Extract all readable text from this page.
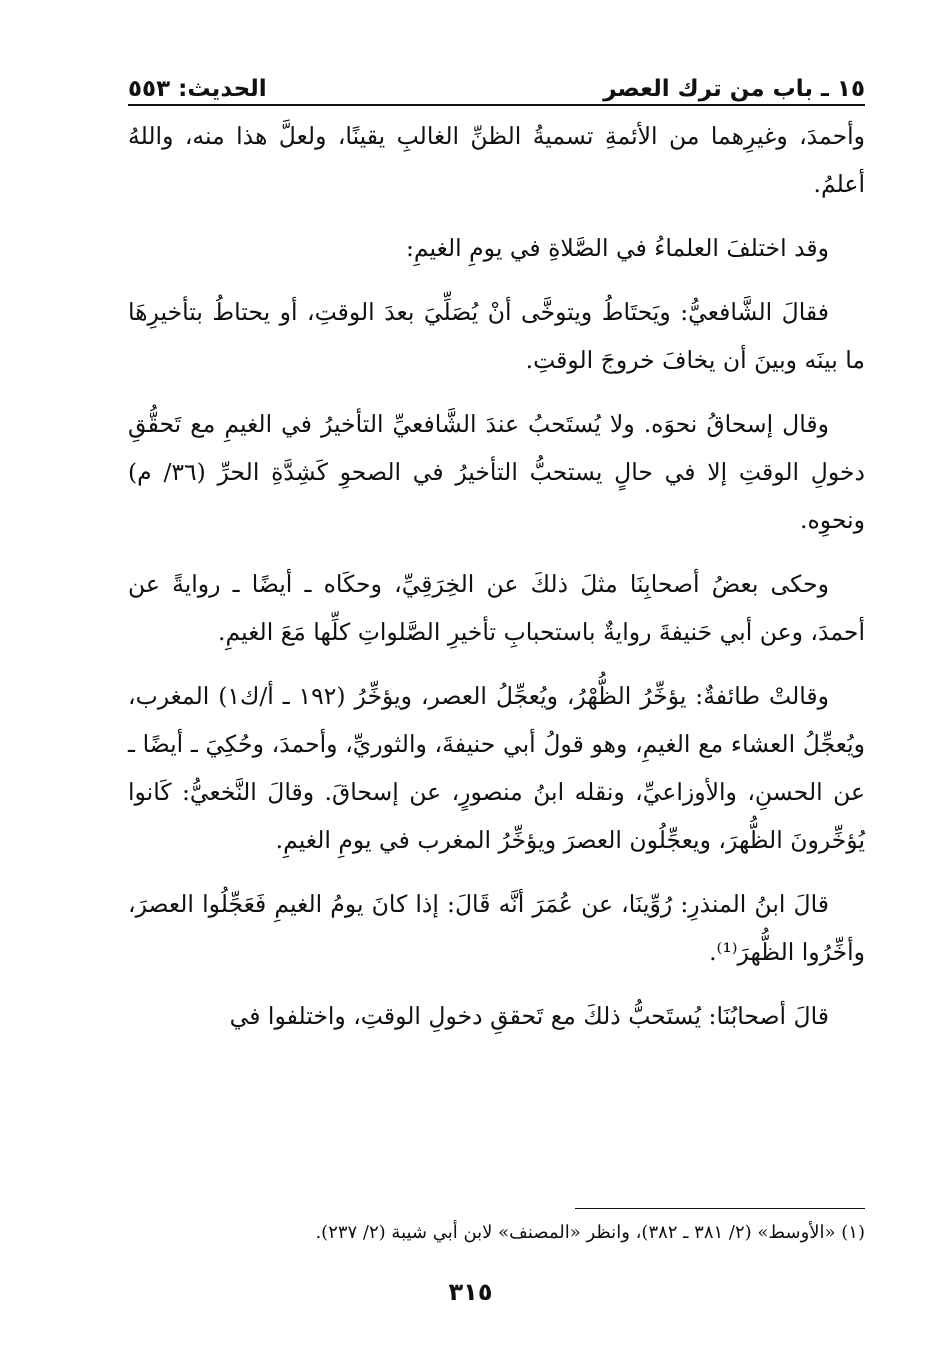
١٥ ـ باب من ترك العصر
الحديث: ٥٥٣

وأحمدَ، وغيرِهما من الأئمةِ تسميةُ الظنِّ الغالبِ يقينًا، ولعلَّ هذا منه، واللهُ أعلمُ.

وقد اختلفَ العلماءُ في الصَّلاةِ في يومِ الغيمِ:

فقالَ الشَّافعيُّ: ويَحتَاطُ ويتوخَّى أنْ يُصَلِّيَ بعدَ الوقتِ، أو يحتاطُ بتأخيرِهَا ما بينَه وبينَ أن يخافَ خروجَ الوقتِ.

وقال إسحاقُ نحوَه. ولا يُستَحبُ عندَ الشَّافعيِّ التأخيرُ في الغيمِ مع تَحقُّقِ دخولِ الوقتِ إلا في حالٍ يستحبُّ التأخيرُ في الصحوِ كَشِدَّةِ الحرِّ (٣٦/ م) ونحوِه.

وحكى بعضُ أصحابِنَا مثلَ ذلكَ عن الخِرَقِيِّ، وحكَاه ـ أيضًا ـ روايةً عن أحمدَ، وعن أبي حَنيفةَ روايةٌ باستحبابِ تأخيرِ الصَّلواتِ كلِّها مَعَ الغيمِ.

وقالتْ طائفةٌ: يؤخِّرُ الظُّهْرُ، ويُعجِّلُ العصر، ويؤخِّرُ (١٩٢ ـ أ/ك١) المغرب، ويُعجِّلُ العشاء مع الغيمِ، وهو قولُ أبي حنيفةَ، والثوريِّ، وأحمدَ، وحُكِيَ ـ أيضًا ـ عن الحسنِ، والأوزاعيِّ، ونقله ابنُ منصورٍ، عن إسحاقَ. وقالَ النَّخعيُّ: كَانوا يُؤخِّرونَ الظُّهرَ، ويعجِّلُون العصرَ ويؤخِّرُ المغرب في يومِ الغيمِ.

قالَ ابنُ المنذرِ: رُوِّينَا، عن عُمَرَ أنَّه قَالَ: إذا كانَ يومُ الغيمِ فَعَجِّلُوا العصرَ، وأخِّرُوا الظُّهرَ⁽¹⁾.

قالَ أصحابُنَا: يُستَحبُّ ذلكَ مع تَحققِ دخولِ الوقتِ، واختلفوا في

(١) «الأوسط» (٢/ ٣٨١ ـ ٣٨٢)، وانظر «المصنف» لابن أبي شيبة (٢/ ٢٣٧).
٣١٥
